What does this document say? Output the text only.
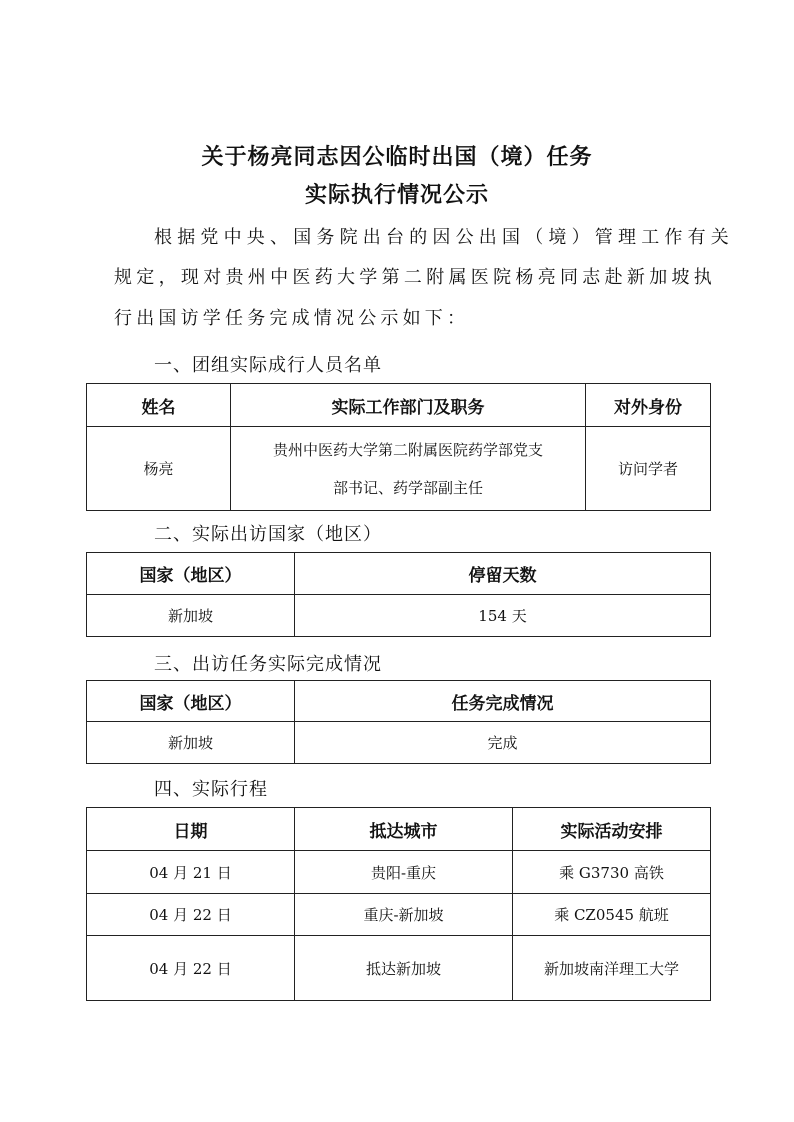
关于杨亮同志因公临时出国（境）任务
实际执行情况公示
根据党中央、国务院出台的因公出国（境）管理工作有关
规定，现对贵州中医药大学第二附属医院杨亮同志赴新加坡执
行出国访学任务完成情况公示如下：
一、团组实际成行人员名单
姓名	实际工作部门及职务	对外身份
杨亮	贵州中医药大学第二附属医院药学部党支
部书记、药学部副主任	访问学者
二、实际出访国家（地区）
国家（地区）	停留天数
新加坡	154 天
三、出访任务实际完成情况
国家（地区）	任务完成情况
新加坡	完成
四、实际行程
日期	抵达城市	实际活动安排
04 月 21 日	贵阳-重庆	乘 G3730 高铁
04 月 22 日	重庆-新加坡	乘 CZ0545 航班
04 月 22 日	抵达新加坡	新加坡南洋理工大学
